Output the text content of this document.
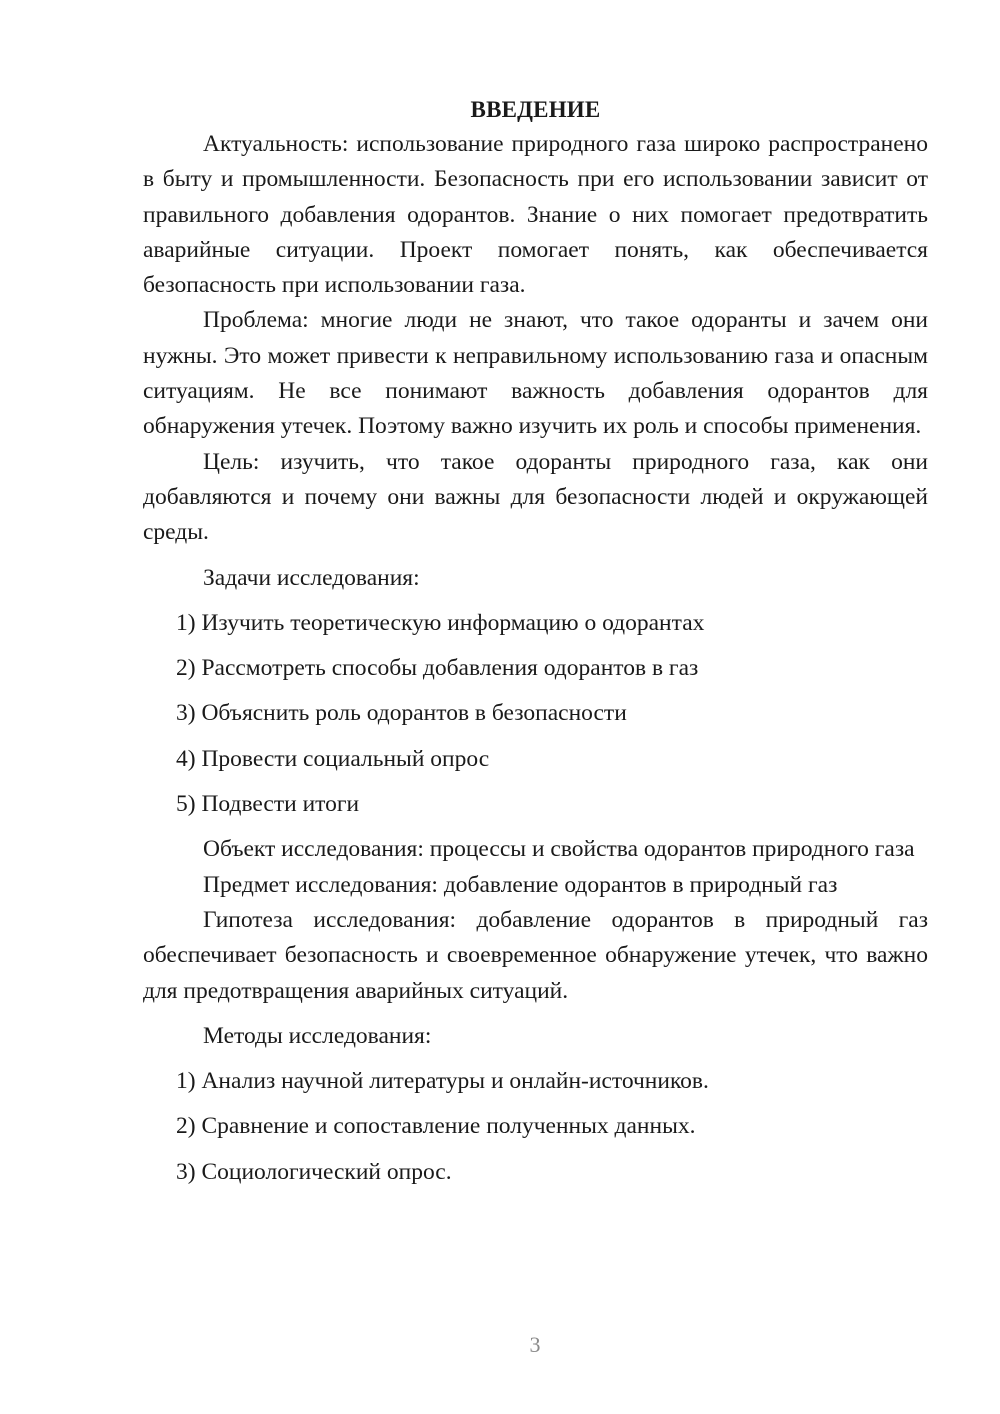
ВВЕДЕНИЕ

Актуальность: использование природного газа широко распространено в быту и промышленности. Безопасность при его использовании зависит от правильного добавления одорантов. Знание о них помогает предотвратить аварийные ситуации. Проект помогает понять, как обеспечивается безопасность при использовании газа.

Проблема: многие люди не знают, что такое одоранты и зачем они нужны. Это может привести к неправильному использованию газа и опасным ситуациям. Не все понимают важность добавления одорантов для обнаружения утечек. Поэтому важно изучить их роль и способы применения.

Цель: изучить, что такое одоранты природного газа, как они добавляются и почему они важны для безопасности людей и окружающей среды.

Задачи исследования:

1) Изучить теоретическую информацию о одорантах

2) Рассмотреть способы добавления одорантов в газ

3) Объяснить роль одорантов в безопасности

4) Провести социальный опрос

5) Подвести итоги

Объект исследования: процессы и свойства одорантов природного газа

Предмет исследования: добавление одорантов в природный газ

Гипотеза исследования: добавление одорантов в природный газ обеспечивает безопасность и своевременное обнаружение утечек, что важно для предотвращения аварийных ситуаций.

Методы исследования:

1) Анализ научной литературы и онлайн-источников.

2) Сравнение и сопоставление полученных данных.

3) Социологический опрос.

3
